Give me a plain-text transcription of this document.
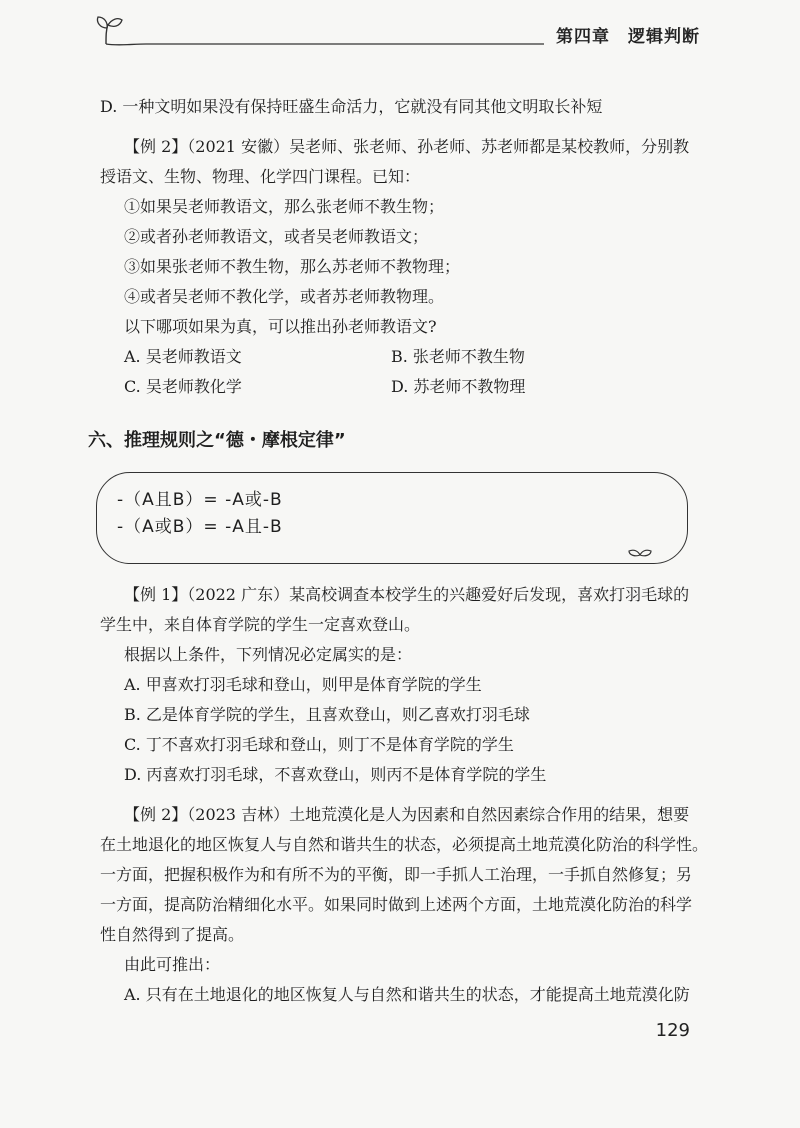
第四章　逻辑判断
D. 一种文明如果没有保持旺盛生命活力，它就没有同其他文明取长补短
【例 2】（2021 安徽）吴老师、张老师、孙老师、苏老师都是某校教师，分别教
授语文、生物、物理、化学四门课程。已知：
①如果吴老师教语文，那么张老师不教生物；
②或者孙老师教语文，或者吴老师教语文；
③如果张老师不教生物，那么苏老师不教物理；
④或者吴老师不教化学，或者苏老师教物理。
以下哪项如果为真，可以推出孙老师教语文?
A. 吴老师教语文	B. 张老师不教生物
C. 吴老师教化学	D. 苏老师不教物理
六、推理规则之“德・摩根定律”
-（A且B）= -A或-B
-（A或B）= -A且-B
【例 1】（2022 广东）某高校调查本校学生的兴趣爱好后发现，喜欢打羽毛球的
学生中，来自体育学院的学生一定喜欢登山。
根据以上条件，下列情况必定属实的是：
A. 甲喜欢打羽毛球和登山，则甲是体育学院的学生
B. 乙是体育学院的学生，且喜欢登山，则乙喜欢打羽毛球
C. 丁不喜欢打羽毛球和登山，则丁不是体育学院的学生
D. 丙喜欢打羽毛球，不喜欢登山，则丙不是体育学院的学生
【例 2】（2023 吉林）土地荒漠化是人为因素和自然因素综合作用的结果，想要
在土地退化的地区恢复人与自然和谐共生的状态，必须提高土地荒漠化防治的科学性。
一方面，把握积极作为和有所不为的平衡，即一手抓人工治理，一手抓自然修复；另
一方面，提高防治精细化水平。如果同时做到上述两个方面，土地荒漠化防治的科学
性自然得到了提高。
由此可推出：
A. 只有在土地退化的地区恢复人与自然和谐共生的状态，才能提高土地荒漠化防
129
